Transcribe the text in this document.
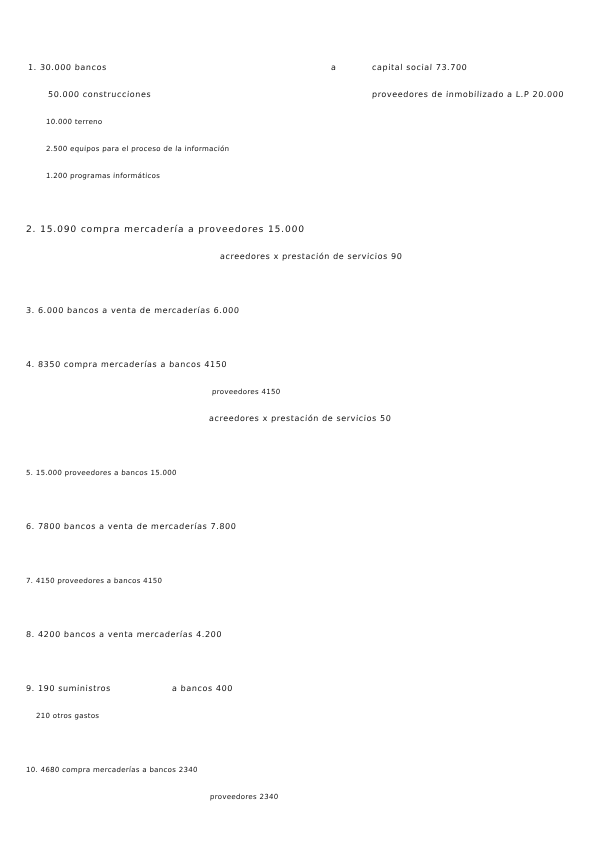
1. 30.000 bancos	a	capital social 73.700
50.000 construcciones	proveedores de inmobilizado a L.P 20.000
10.000 terreno
2.500 equipos para el proceso de la información
1.200 programas informáticos
2. 15.090 compra mercadería a proveedores 15.000
acreedores x prestación de servicios 90
3. 6.000 bancos a venta de mercaderías 6.000
4. 8350 compra mercaderías a bancos 4150
proveedores 4150
acreedores x prestación de servicios 50
5. 15.000 proveedores a bancos 15.000
6. 7800 bancos a venta de mercaderías 7.800
7. 4150 proveedores a bancos 4150
8. 4200 bancos a venta mercaderías 4.200
9. 190 suministros	a bancos 400
210 otros gastos
10. 4680 compra mercaderías a bancos 2340
proveedores 2340
